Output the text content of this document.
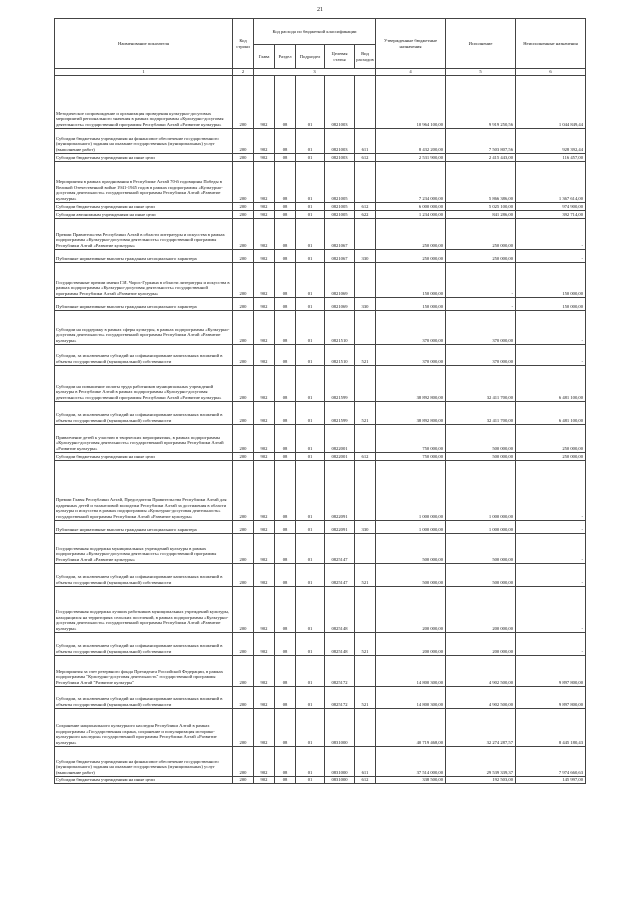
21
Наименование показателя	Код строки	Код расхода по бюджетной классификации					Утвержденные бюджетные назначения	Исполнение	Неисполненные назначения
		Глава	Раздел	Подраздел	Целевая статья	Вид расходов			
1	2	3					4	5	6
Методическое сопровождение и организация проведения культурно-досуговых мероприятий регионального значения в рамках подпрограммы «Культурно-досуговая деятельность» государственной программы Республики Алтай «Развитие культуры»	200	902	08	01	0821003		10 964 100,00	9 919 250,56	1 044 849,44
Субсидии бюджетным учреждениям на финансовое обеспечение государственного (муниципального) задания на оказание государственных (муниципальных) услуг (выполнение работ)	200	902	08	01	0821003	611	8 432 200,00	7 503 807,56	928 392,44
Субсидии бюджетным учреждениям на иные цели	200	902	08	01	0821003	612	2 531 900,00	2 415 443,00	116 457,00
Мероприятия в рамках празднования в Республике Алтай 70-й годовщины Победы в Великой Отечественной войне 1941-1945 годов в рамках подпрограммы «Культурно-досуговая деятельность» государственной программы Республики Алтай «Развитие культуры»	200	902	08	01	0821005		7 234 000,00	5 866 386,00	1 367 614,00
Субсидии бюджетным учреждениям на иные цели	200	902	08	01	0821005	612	6 000 000,00	5 025 100,00	974 900,00
Субсидии автономным учреждениям на иные цели	200	902	08	01	0821005	622	1 234 000,00	841 286,00	392 714,00
Премии Правительства Республики Алтай в области литературы и искусства в рамках подпрограммы «Культурно-досуговая деятельность» государственной программы Республики Алтай «Развитие культуры»	200	902	08	01	0821067		250 000,00	250 000,00	-
Публичные нормативные выплаты гражданам несоциального характера	200	902	08	01	0821067	330	250 000,00	250 000,00	-
Государственные премии имени Г.И. Чорос-Гуркина в области литературы и искусства в рамках подпрограммы «Культурно-досуговая деятельность» государственной программы Республики Алтай «Развитие культуры»	200	902	08	01	0821069		150 000,00	-	150 000,00
Публичные нормативные выплаты гражданам несоциального характера	200	902	08	01	0821069	330	150 000,00	-	150 000,00
Субсидии на поддержку в рамках сферы культуры, в рамках подпрограммы «Культурно-досуговая деятельность» государственной программы Республики Алтай «Развитие культуры»	200	902	08	01	0821510		370 000,00	370 000,00	-
Субсидии, за исключением субсидий на софинансирование капитальных вложений в объекты государственной (муниципальной) собственности	200	902	08	01	0821510	521	370 000,00	370 000,00	-
Субсидии на повышение оплаты труда работников муниципальных учреждений культуры в Республике Алтай в рамках подпрограммы «Культурно-досуговая деятельность» государственной программы Республики Алтай «Развитие культуры»	200	902	08	01	0821599		38 892 800,00	32 411 700,00	6 481 100,00
Субсидии, за исключением субсидий на софинансирование капитальных вложений в объекты государственной (муниципальной) собственности	200	902	08	01	0821599	521	38 892 800,00	32 411 700,00	6 481 100,00
Привлечение детей к участию в творческих мероприятиях, в рамках подпрограммы «Культурно-досуговая деятельность» государственной программы Республики Алтай «Развитие культуры»	200	902	08	01	0822001		750 000,00	500 000,00	250 000,00
Субсидии бюджетным учреждениям на иные цели	200	902	08	01	0822001	612	750 000,00	500 000,00	250 000,00
Премии Главы Республики Алтай, Председателя Правительства Республики Алтай для одаренных детей и талантливой молодежи Республики Алтай за достижения в области культуры и искусства в рамках подпрограммы «Культурно-досуговая деятельность» государственной программы Республики Алтай «Развитие культуры»	200	902	08	01	0822091		1 000 000,00	1 000 000,00	-
Публичные нормативные выплаты гражданам несоциального характера	200	902	08	01	0822091	330	1 000 000,00	1 000 000,00	-
Государственная поддержка муниципальных учреждений культуры в рамках подпрограммы «Культурно-досуговая деятельность» государственной программы Республики Алтай «Развитие культуры»	200	902	08	01	0825147		500 000,00	500 000,00	-
Субсидии, за исключением субсидий на софинансирование капитальных вложений в объекты государственной (муниципальной) собственности	200	902	08	01	0825147	521	500 000,00	500 000,00	-
Государственная поддержка лучших работников муниципальных учреждений культуры, находящихся на территориях сельских поселений, в рамках подпрограммы «Культурно-досуговая деятельность» государственной программы Республики Алтай «Развитие культуры»	200	902	08	01	0825148		200 000,00	200 000,00	-
Субсидии, за исключением субсидий на софинансирование капитальных вложений в объекты государственной (муниципальной) собственности	200	902	08	01	0825148	521	200 000,00	200 000,00	-
Мероприятия за счет резервного фонда Президента Российской Федерации, в рамках подпрограммы "Культурно-досуговая деятельность" государственной программы Республики Алтай "Развитие культуры"	200	902	08	01	0825172		14 800 300,00	4 902 500,00	9 897 800,00
Субсидии, за исключением субсидий на софинансирование капитальных вложений в объекты государственной (муниципальной) собственности	200	902	08	01	0825172	521	14 800 300,00	4 902 500,00	9 897 800,00
Сохранение национального культурного наследия Республики Алтай в рамках подпрограммы «Государственная охрана, сохранение и популяризация историко-культурного наследия» государственной программы Республики Алтай «Развитие культуры»	200	902	08	01	0831000		40 719 468,00	32 274 287,57	8 445 180,43
Субсидии бюджетным учреждениям на финансовое обеспечение государственного (муниципального) задания на оказание государственных (муниципальных) услуг (выполнение работ)	200	902	08	01	0831000	611	37 514 000,00	29 539 339,37	7 974 660,63
Субсидии бюджетным учреждениям на иные цели	200	902	08	01	0831000	612	338 500,00	192 503,00	145 997,00
